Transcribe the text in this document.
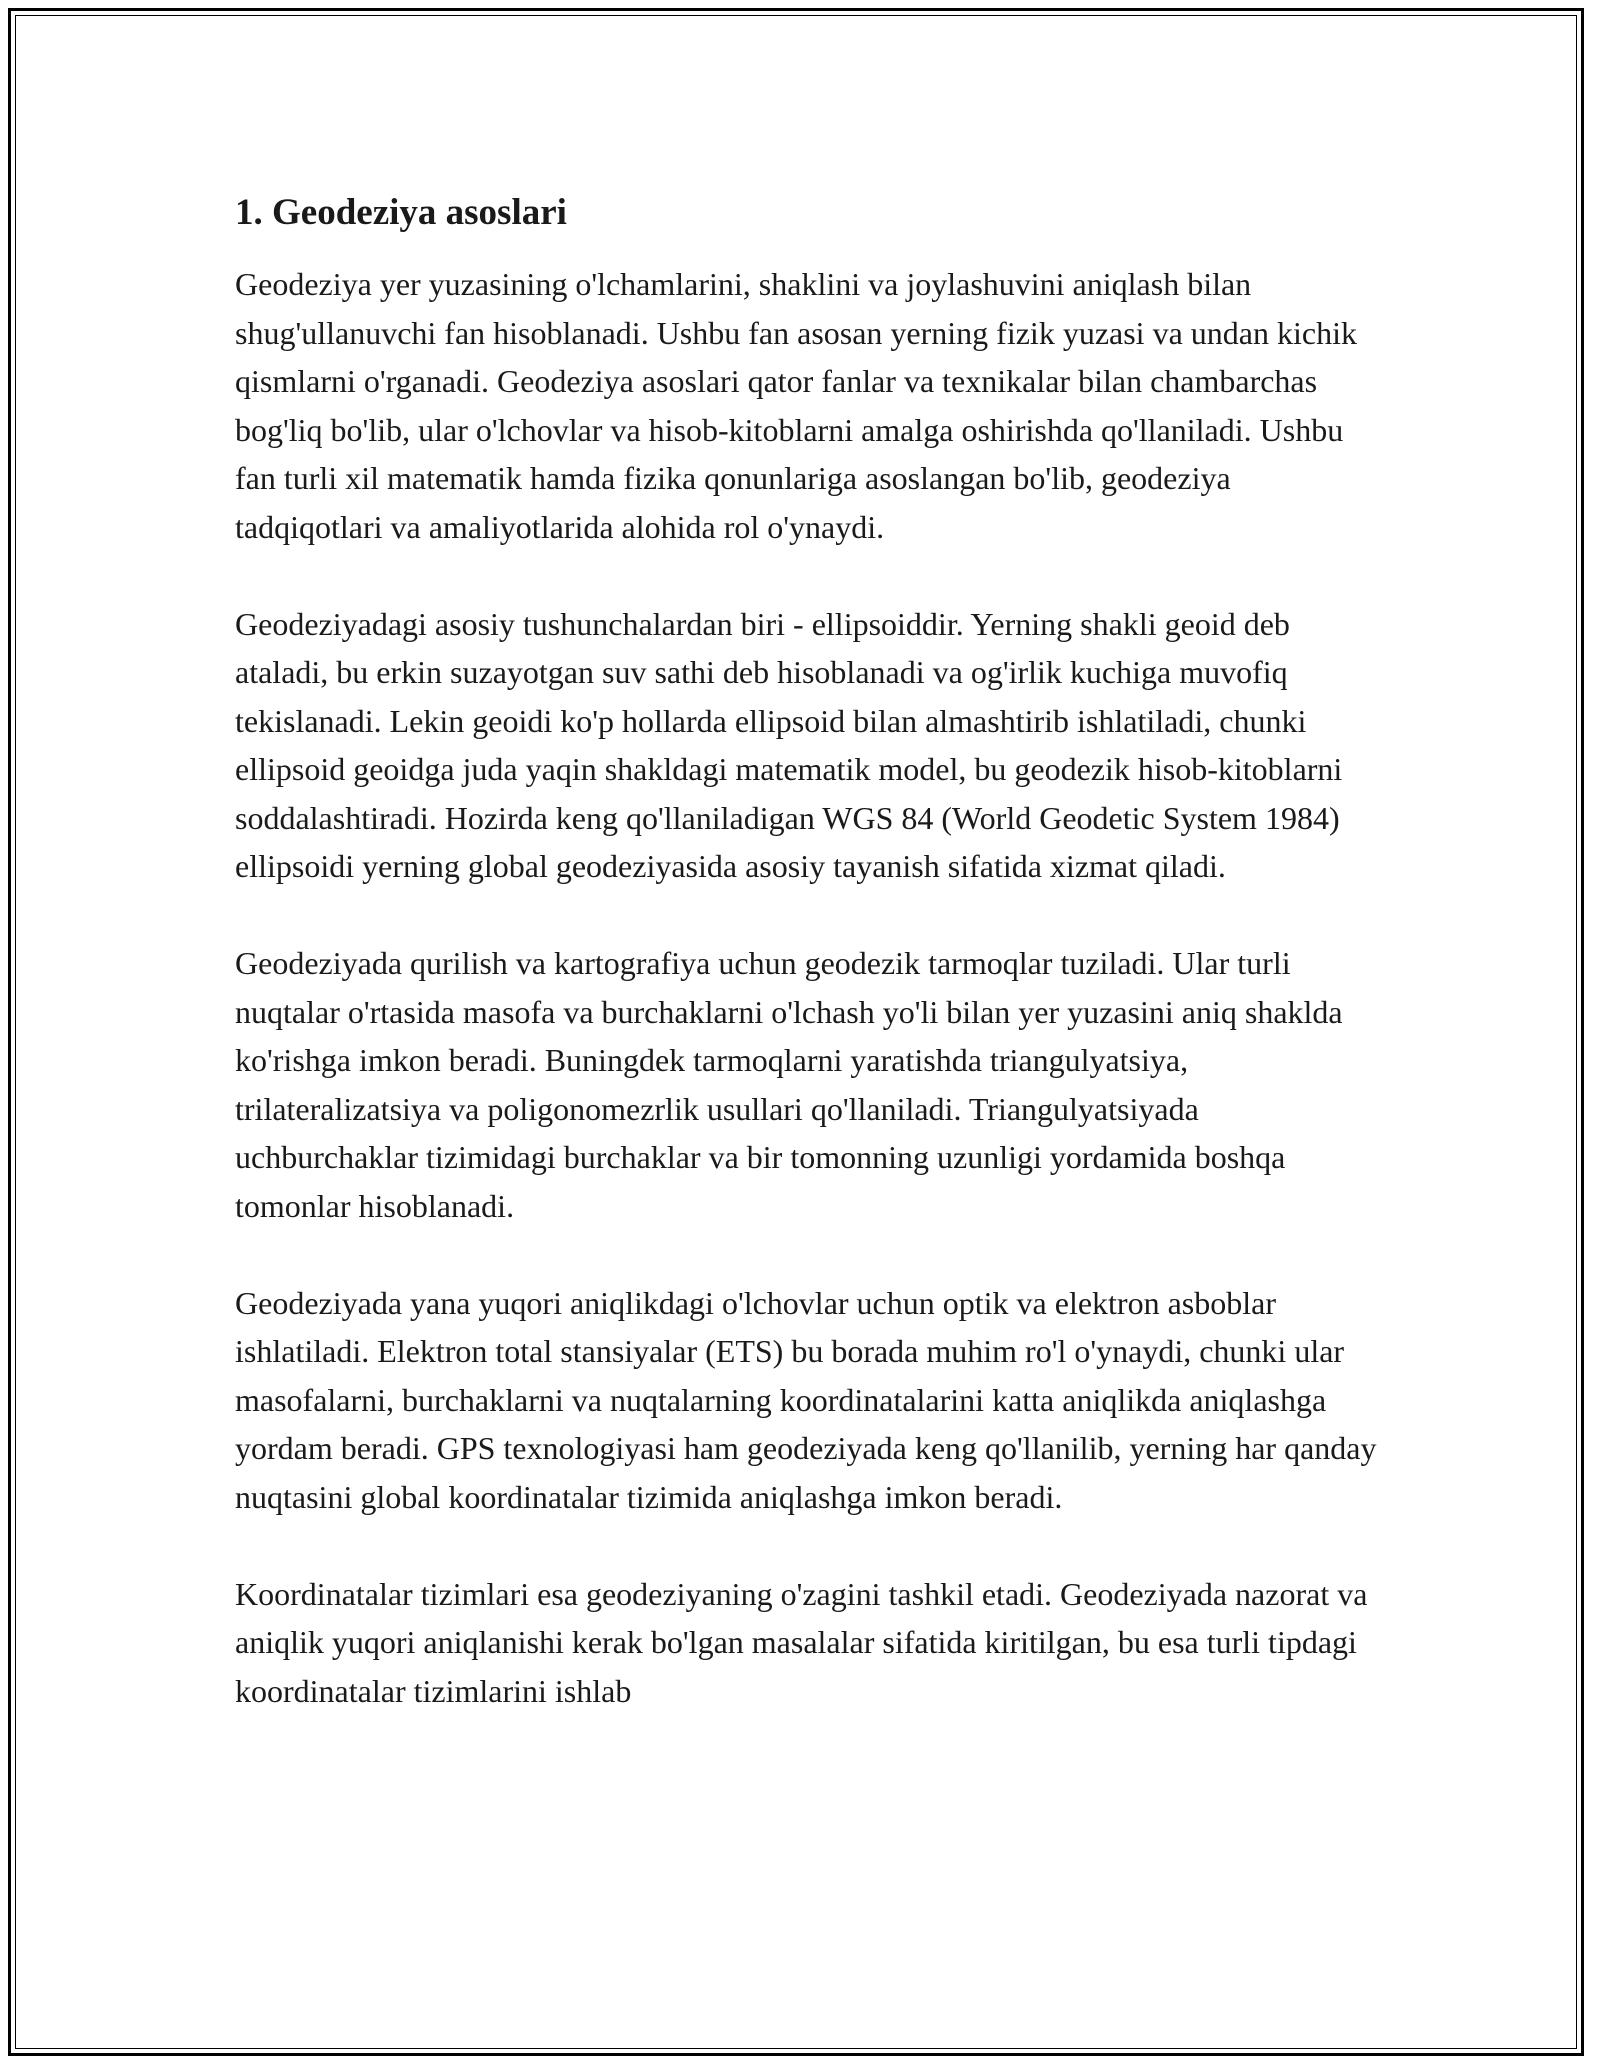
1. Geodeziya asoslari

Geodeziya yer yuzasining o'lchamlarini, shaklini va joylashuvini aniqlash bilan shug'ullanuvchi fan hisoblanadi. Ushbu fan asosan yerning fizik yuzasi va undan kichik qismlarni o'rganadi. Geodeziya asoslari qator fanlar va texnikalar bilan chambarchas bog'liq bo'lib, ular o'lchovlar va hisob-kitoblarni amalga oshirishda qo'llaniladi. Ushbu fan turli xil matematik hamda fizika qonunlariga asoslangan bo'lib, geodeziya tadqiqotlari va amaliyotlarida alohida rol o'ynaydi.

Geodeziyadagi asosiy tushunchalardan biri - ellipsoiddir. Yerning shakli geoid deb ataladi, bu erkin suzayotgan suv sathi deb hisoblanadi va og'irlik kuchiga muvofiq tekislanadi. Lekin geoidi ko'p hollarda ellipsoid bilan almashtirib ishlatiladi, chunki ellipsoid geoidga juda yaqin shakldagi matematik model, bu geodezik hisob-kitoblarni soddalashtiradi. Hozirda keng qo'llaniladigan WGS 84 (World Geodetic System 1984) ellipsoidi yerning global geodeziyasida asosiy tayanish sifatida xizmat qiladi.

Geodeziyada qurilish va kartografiya uchun geodezik tarmoqlar tuziladi. Ular turli nuqtalar o'rtasida masofa va burchaklarni o'lchash yo'li bilan yer yuzasini aniq shaklda ko'rishga imkon beradi. Buningdek tarmoqlarni yaratishda triangulyatsiya, trilateralizatsiya va poligonomezrlik usullari qo'llaniladi. Triangulyatsiyada uchburchaklar tizimidagi burchaklar va bir tomonning uzunligi yordamida boshqa tomonlar hisoblanadi.

Geodeziyada yana yuqori aniqlikdagi o'lchovlar uchun optik va elektron asboblar ishlatiladi. Elektron total stansiyalar (ETS) bu borada muhim ro'l o'ynaydi, chunki ular masofalarni, burchaklarni va nuqtalarning koordinatalarini katta aniqlikda aniqlashga yordam beradi. GPS texnologiyasi ham geodeziyada keng qo'llanilib, yerning har qanday nuqtasini global koordinatalar tizimida aniqlashga imkon beradi.

Koordinatalar tizimlari esa geodeziyaning o'zagini tashkil etadi. Geodeziyada nazorat va aniqlik yuqori aniqlanishi kerak bo'lgan masalalar sifatida kiritilgan, bu esa turli tipdagi koordinatalar tizimlarini ishlab
